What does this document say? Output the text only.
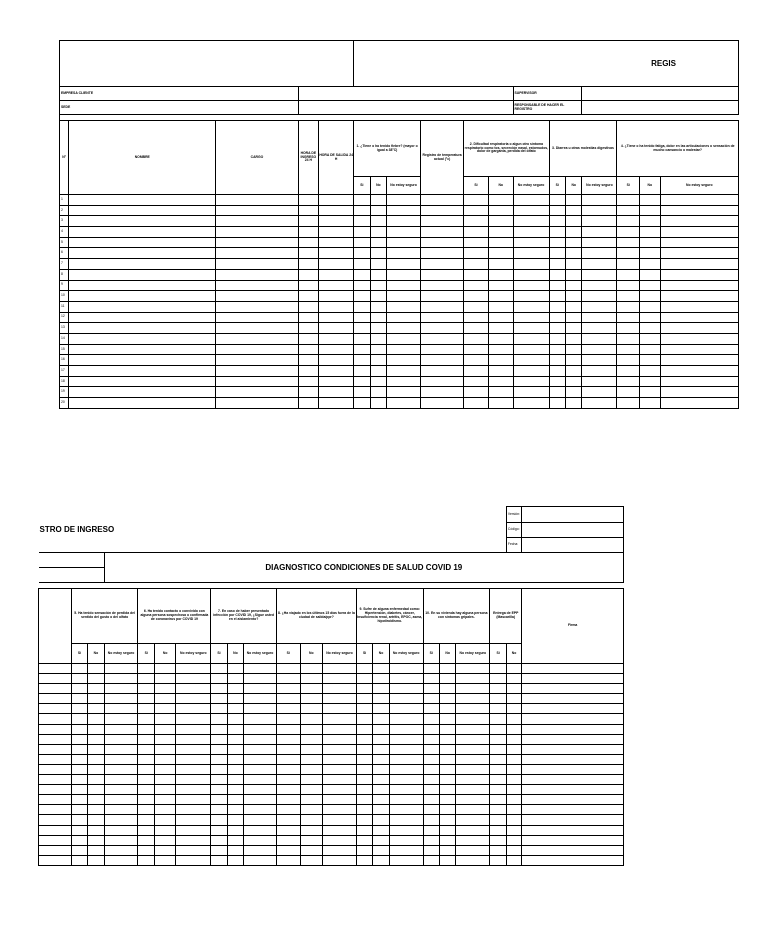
					REGIS												
EMPRESA CLIENTE											SUPERVISOR						
SEDE											RESPONSABLE DE HACER EL REGISTRO						

N°	NOMBRE	CARGO	HORA DE INGRESO 24 H	HORA DE SALIDA 24 H	1. ¿Tiene o ha tenido fiebre? (mayor o igual a 38°C)			Registro de temperatura actual (°c)	2. Dificultad respiratoria o algun otro síntoma respiratorio como tos, secreción nasal, estornudos, dolor de garganta, perdida del olfato			3. Diarrea u otras molestias digestivas			4. ¿Tiene o ha tenido fatiga, dolor en las articulaciones o sensación de mucho cansancio o malestar?		
					Si	No	No estoy seguro		Si	No	No estoy seguro	Si	No	No estoy seguro	Si	No	No estoy seguro
1																	
2																	
3																	
4																	
5																	
6																	
7																	
8																	
9																	
10																	
11																	
12																	
13																	
14																	
15																	
16																	
17																	
18																	
19																	
20																	
STRO DE INGRESO																				Versión:	
																				Código:	
																				Fecha:	
			DIAGNOSTICO CONDICIONES DE SALUD COVID 19																		

	5. Ha tenido sensación de perdida del sentido del gusto o del olfato			6. Ha tenido contacto o convivido con alguna persona sospechosa o confirmada de coronavirus por COVID 19			7. En caso de haber presentado infección por COVID 19, ¿Sigue usted en el aislamiento?			8. ¿Ha viajado en los últimos 15 días fuera de la ciudad de salida/ppr?			9. Sufre de alguna enfermedad como: Hipertensión, diabetes, cáncer, Insuficiencia renal, artritis, EPOC, asma, hipotiroidismo.			10. En su vivienda hay alguna persona con síntomas gripales.			Entrega de EPP (Mascarilla)		Firma
	Si	No	No estoy seguro	Si	No	No estoy seguro	Si	No	No estoy seguro	Si	No	No estoy seguro	Si	No	No estoy seguro	Si	No	No estoy seguro	Si	No	
